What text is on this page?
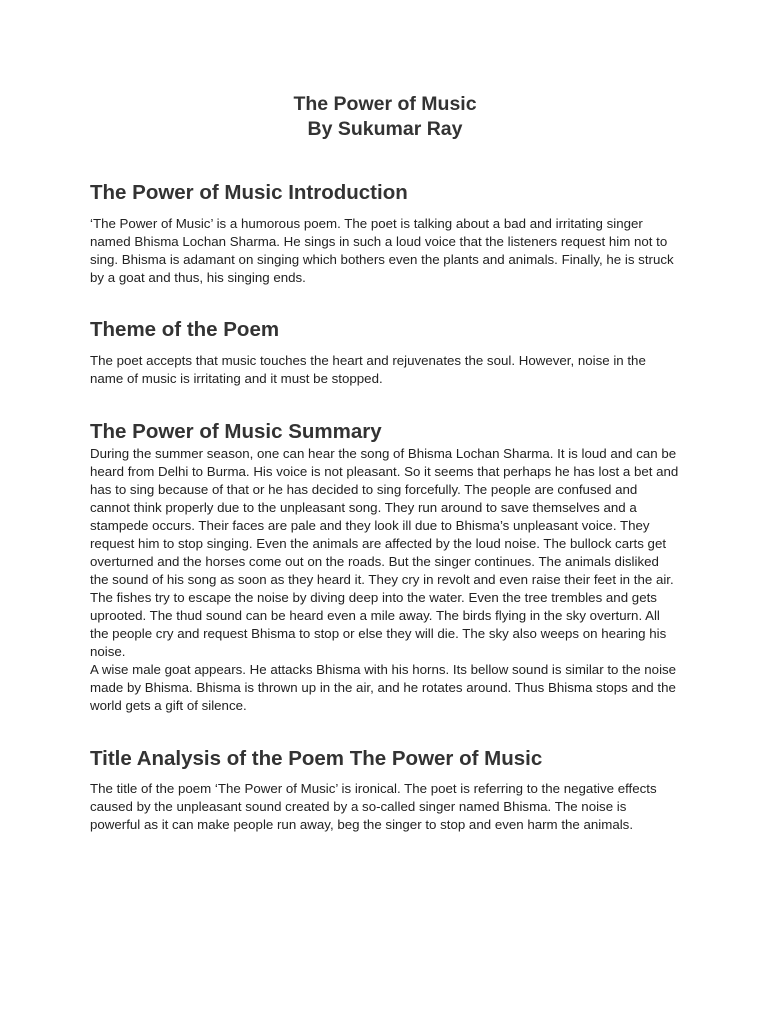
The Power of Music
By Sukumar Ray
The Power of Music Introduction

‘The Power of Music’ is a humorous poem. The poet is talking about a bad and irritating singer named Bhisma Lochan Sharma. He sings in such a loud voice that the listeners request him not to sing. Bhisma is adamant on singing which bothers even the plants and animals. Finally, he is struck by a goat and thus, his singing ends.

Theme of the Poem

The poet accepts that music touches the heart and rejuvenates the soul. However, noise in the name of music is irritating and it must be stopped.

The Power of Music Summary

During the summer season, one can hear the song of Bhisma Lochan Sharma. It is loud and can be heard from Delhi to Burma. His voice is not pleasant. So it seems that perhaps he has lost a bet and has to sing because of that or he has decided to sing forcefully. The people are confused and cannot think properly due to the unpleasant song. They run around to save themselves and a stampede occurs. Their faces are pale and they look ill due to Bhisma’s unpleasant voice. They request him to stop singing. Even the animals are affected by the loud noise. The bullock carts get overturned and the horses come out on the roads. But the singer continues. The animals disliked the sound of his song as soon as they heard it. They cry in revolt and even raise their feet in the air. The fishes try to escape the noise by diving deep into the water. Even the tree trembles and gets uprooted. The thud sound can be heard even a mile away. The birds flying in the sky overturn. All the people cry and request Bhisma to stop or else they will die. The sky also weeps on hearing his noise.

A wise male goat appears. He attacks Bhisma with his horns. Its bellow sound is similar to the noise made by Bhisma. Bhisma is thrown up in the air, and he rotates around. Thus Bhisma stops and the world gets a gift of silence.

Title Analysis of the Poem The Power of Music

The title of the poem ‘The Power of Music’ is ironical. The poet is referring to the negative effects caused by the unpleasant sound created by a so-called singer named Bhisma. The noise is powerful as it can make people run away, beg the singer to stop and even harm the animals.
